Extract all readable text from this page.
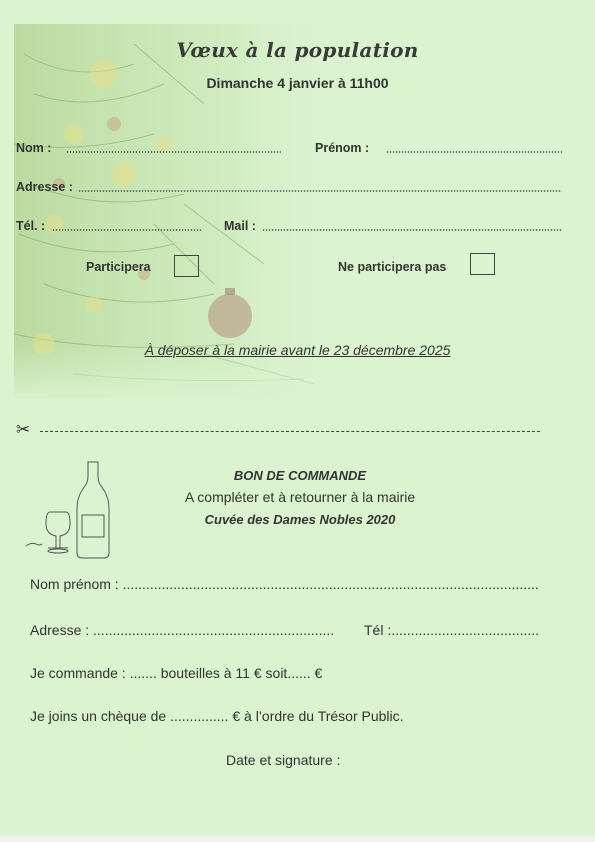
Vœux à la population
Dimanche 4 janvier à 11h00
Nom :	Prénom :
Adresse :
Tél. :	Mail :
Participera	Ne participera pas
À déposer à la mairie avant le 23 décembre 2025
✂
BON DE COMMANDE
A compléter et à retourner à la mairie
Cuvée des Dames Nobles 2020
Nom prénom : ...........................................................................................................
Adresse : .............................................................. Tél :......................................
Je commande : ....... bouteilles à 11 € soit...... €
Je joins un chèque de ............... € à l’ordre du Trésor Public.
Date et signature :
